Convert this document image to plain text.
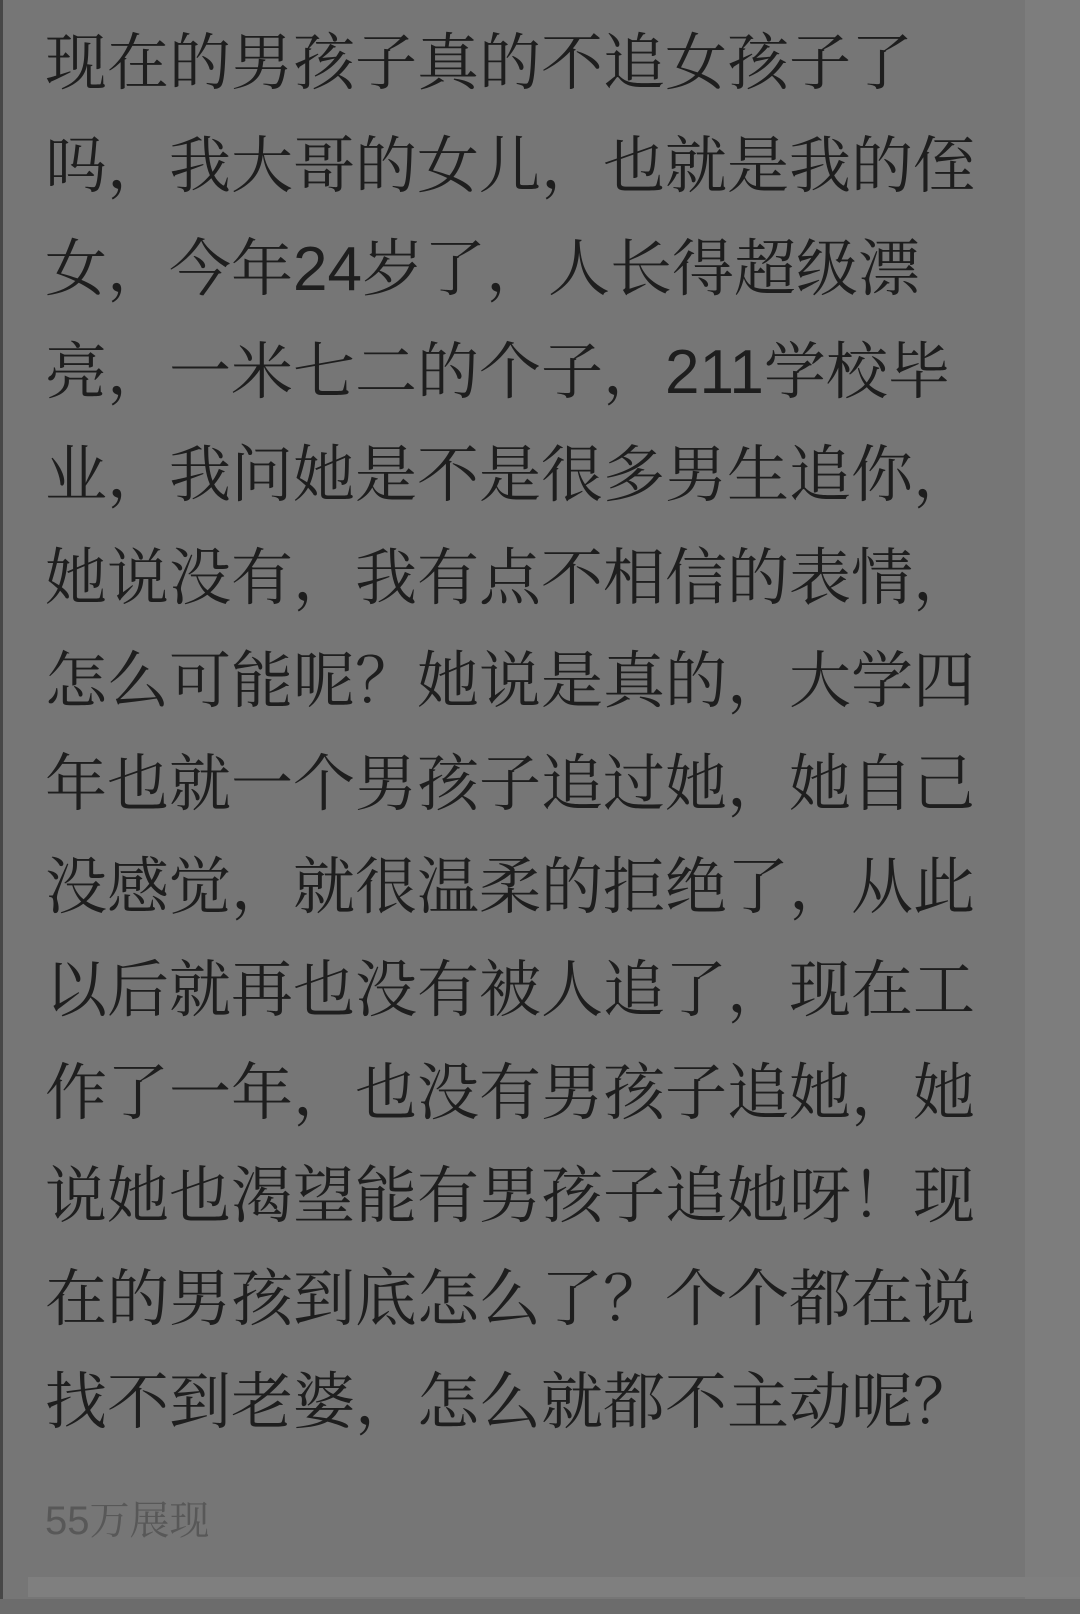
现在的男孩子真的不追女孩子了
吗，我大哥的女儿，也就是我的侄
女，今年24岁了，人长得超级漂
亮，一米七二的个子，211学校毕
业，我问她是不是很多男生追你，
她说没有，我有点不相信的表情，
怎么可能呢？她说是真的，大学四
年也就一个男孩子追过她，她自己
没感觉，就很温柔的拒绝了，从此
以后就再也没有被人追了，现在工
作了一年，也没有男孩子追她，她
说她也渴望能有男孩子追她呀！现
在的男孩到底怎么了？个个都在说
找不到老婆，怎么就都不主动呢？
55万展现
